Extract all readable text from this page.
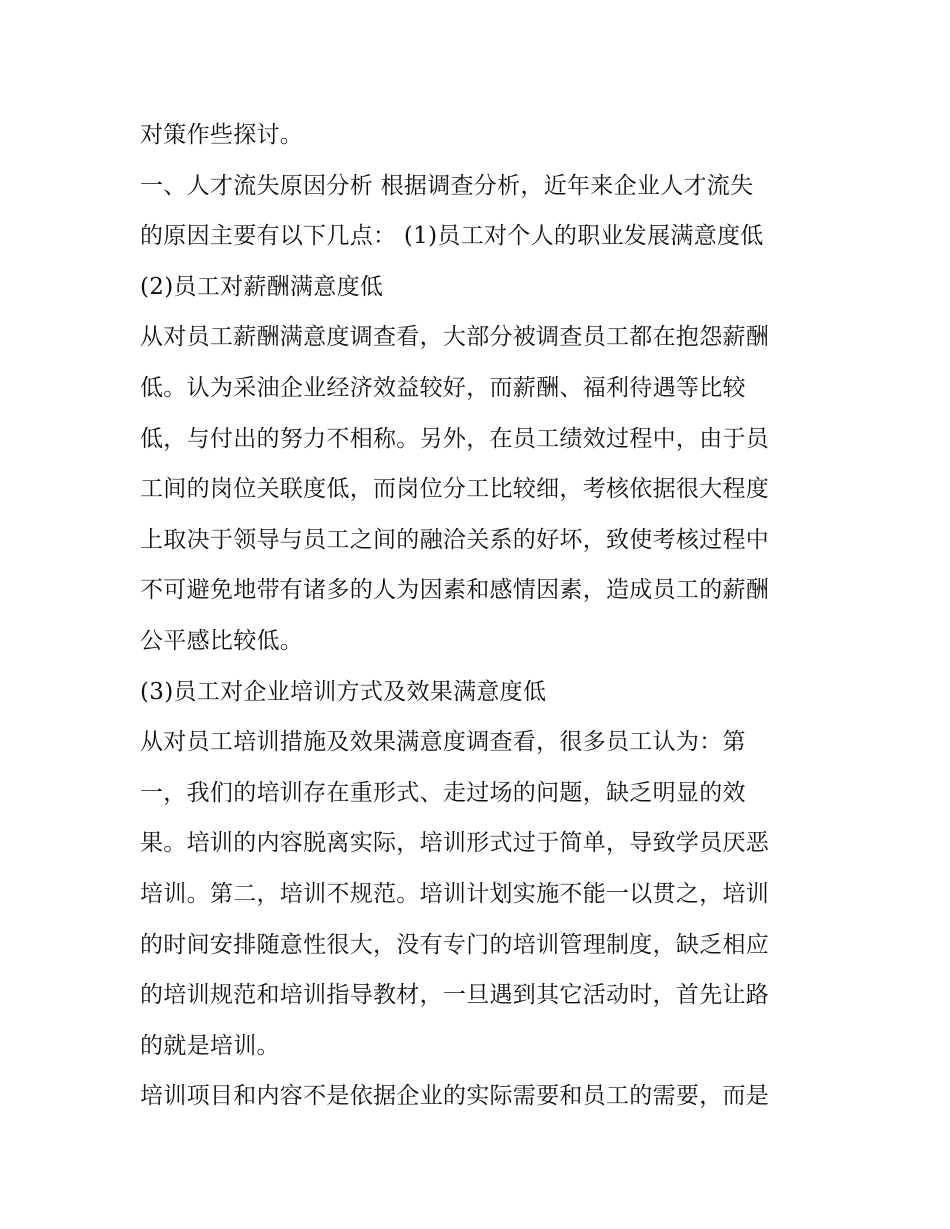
对策作些探讨。
一、人才流失原因分析 根据调查分析，近年来企业人才流失
的原因主要有以下几点： (1)员工对个人的职业发展满意度低
(2)员工对薪酬满意度低
从对员工薪酬满意度调查看，大部分被调查员工都在抱怨薪酬
低。认为采油企业经济效益较好，而薪酬、福利待遇等比较
低，与付出的努力不相称。另外，在员工绩效过程中，由于员
工间的岗位关联度低，而岗位分工比较细，考核依据很大程度
上取决于领导与员工之间的融洽关系的好坏，致使考核过程中
不可避免地带有诸多的人为因素和感情因素，造成员工的薪酬
公平感比较低。
(3)员工对企业培训方式及效果满意度低
从对员工培训措施及效果满意度调查看，很多员工认为：第
一，我们的培训存在重形式、走过场的问题，缺乏明显的效
果。培训的内容脱离实际，培训形式过于简单，导致学员厌恶
培训。第二，培训不规范。培训计划实施不能一以贯之，培训
的时间安排随意性很大，没有专门的培训管理制度，缺乏相应
的培训规范和培训指导教材，一旦遇到其它活动时，首先让路
的就是培训。
培训项目和内容不是依据企业的实际需要和员工的需要，而是
